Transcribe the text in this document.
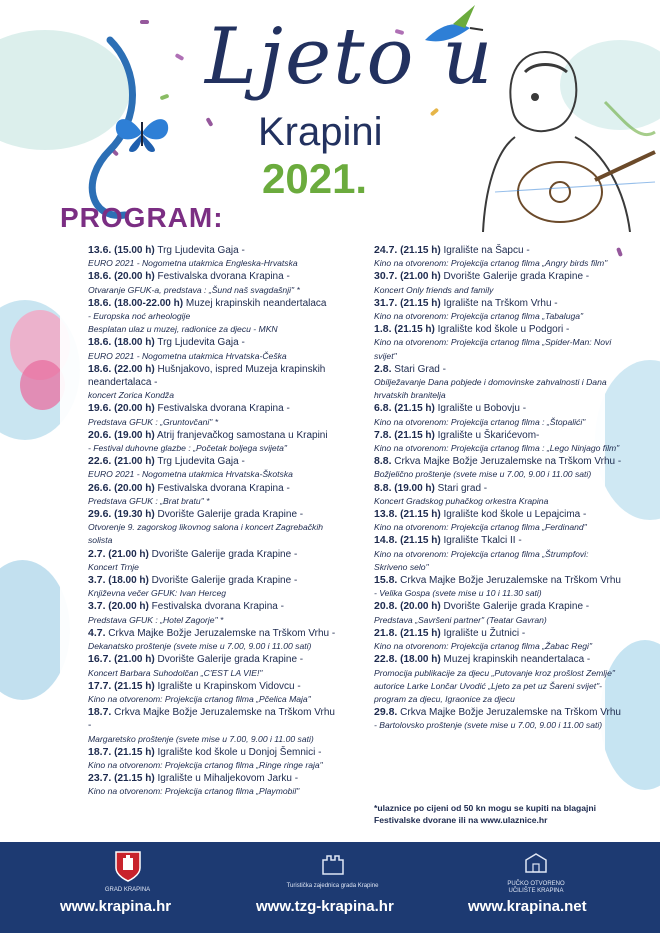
Ljeto u
Krapini
2021.
PROGRAM:
13.6. (15.00 h) Trg Ljudevita Gaja -
EURO 2021 - Nogometna utakmica Engleska-Hrvatska
18.6. (20.00 h) Festivalska dvorana Krapina -
Otvaranje GFUK-a, predstava : „Šund naš svagdašnji" *
18.6. (18.00-22.00 h) Muzej krapinskih neandertalaca
- Europska noć arheologije
Besplatan ulaz u muzej, radionice za djecu - MKN
18.6. (18.00 h) Trg Ljudevita Gaja -
EURO 2021 - Nogometna utakmica Hrvatska-Češka
18.6. (22.00 h) Hušnjakovo, ispred Muzeja krapinskih neandertalaca -
koncert Zorica Kondža
19.6. (20.00 h) Festivalska dvorana Krapina -
Predstava GFUK : „Gruntovčani" *
20.6. (19.00 h) Atrij franjevačkog samostana u Krapini
- Festival duhovne glazbe : „Početak boljega svijeta"
22.6. (21.00 h) Trg Ljudevita Gaja -
EURO 2021 - Nogometna utakmica Hrvatska-Škotska
26.6. (20.00 h) Festivalska dvorana Krapina -
Predstava GFUK : „Brat bratu" *
29.6. (19.30 h) Dvorište Galerije grada Krapine -
Otvorenje 9. zagorskog likovnog salona i koncert Zagrebačkih solista
2.7. (21.00 h) Dvorište Galerije grada Krapine -
Koncert Trnje
3.7. (18.00 h) Dvorište Galerije grada Krapine -
Književna večer GFUK: Ivan Herceg
3.7. (20.00 h) Festivalska dvorana Krapina -
Predstava GFUK : „Hotel Zagorje" *
4.7. Crkva Majke Božje Jeruzalemske na Trškom Vrhu -
Dekanatsko proštenje (svete mise u 7.00, 9.00 i 11.00 sati)
16.7. (21.00 h) Dvorište Galerije grada Krapine -
Koncert Barbara Suhodolčan „C'EST LA VIE!"
17.7. (21.15 h) Igralište u Krapinskom Vidovcu -
Kino na otvorenom: Projekcija crtanog filma „Pčelica Maja"
18.7. Crkva Majke Božje Jeruzalemske na Trškom Vrhu -
Margaretsko proštenje (svete mise u 7.00, 9.00 i 11.00 sati)
18.7. (21.15 h) Igralište kod škole u Donjoj Šemnici -
Kino na otvorenom: Projekcija crtanog filma „Ringe ringe raja"
23.7. (21.15 h) Igralište u Mihaljekovom Jarku -
Kino na otvorenom: Projekcija crtanog filma „Playmobil"
24.7. (21.15 h) Igralište na Šapcu -
Kino na otvorenom: Projekcija crtanog filma „Angry birds film"
30.7. (21.00 h) Dvorište Galerije grada Krapine -
Koncert Only friends and family
31.7. (21.15 h) Igralište na Trškom Vrhu -
Kino na otvorenom: Projekcija crtanog filma „Tabaluga"
1.8. (21.15 h) Igralište kod škole u Podgori -
Kino na otvorenom: Projekcija crtanog filma „Spider-Man: Novi svijet"
2.8. Stari Grad -
Obilježavanje Dana pobjede i domovinske zahvalnosti i Dana hrvatskih branitelja
6.8. (21.15 h) Igralište u Bobovju -
Kino na otvorenom: Projekcija crtanog filma : „Štopalići"
7.8. (21.15 h) Igralište u Škarićevom-
Kino na otvorenom: Projekcija crtanog filma : „Lego Ninjago film"
8.8. Crkva Majke Božje Jeruzalemske na Trškom Vrhu -
Božjelično proštenje (svete mise u 7.00, 9.00 i 11.00 sati)
8.8. (19.00 h) Stari grad -
Koncert Gradskog puhačkog orkestra Krapina
13.8. (21.15 h) Igralište kod škole u Lepajcima -
Kino na otvorenom: Projekcija crtanog filma „Ferdinand"
14.8. (21.15 h) Igralište Tkalci II -
Kino na otvorenom: Projekcija crtanog filma „Štrumpfovi: Skriveno selo"
15.8. Crkva Majke Božje Jeruzalemske na Trškom Vrhu
- Velika Gospa (svete mise u 10 i 11.30 sati)
20.8. (20.00 h) Dvorište Galerije grada Krapine -
Predstava „Savršeni partner" (Teatar Gavran)
21.8. (21.15 h) Igralište u Žutnici -
Kino na otvorenom: Projekcija crtanog filma „Žabac Regi"
22.8. (18.00 h) Muzej krapinskih neandertalaca -
Promocija publikacije za djecu „Putovanje kroz prošlost Zemlje" autorice Larke Lončar Uvodić „Ljeto za pet uz Šareni svijet"- program za djecu, Igraonice za djecu
29.8. Crkva Majke Božje Jeruzalemske na Trškom Vrhu
- Bartolovsko proštenje (svete mise u 7.00, 9.00 i 11.00 sati)
*ulaznice po cijeni od 50 kn mogu se kupiti na blagajni Festivalske dvorane ili na www.ulaznice.hr
GRAD KRAPINA
Turistička zajednica grada Krapine	PUČKO OTVORENO UČILIŠTE KRAPINA
www.krapina.hr	www.tzg-krapina.hr	www.krapina.net
